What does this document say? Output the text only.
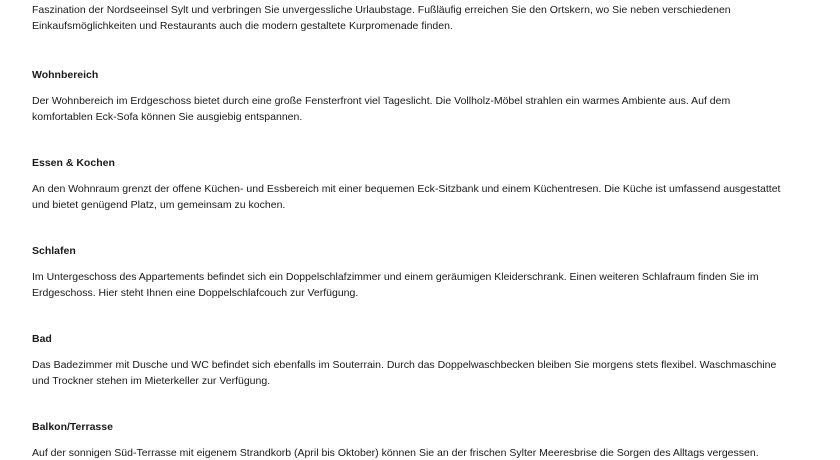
Faszination der Nordseeinsel Sylt und verbringen Sie unvergessliche Urlaubstage. Fußläufig erreichen Sie den Ortskern, wo Sie neben verschiedenen
Einkaufsmöglichkeiten und Restaurants auch die modern gestaltete Kurpromenade finden.

Wohnbereich

Der Wohnbereich im Erdgeschoss bietet durch eine große Fensterfront viel Tageslicht. Die Vollholz-Möbel strahlen ein warmes Ambiente aus. Auf dem
komfortablen Eck-Sofa können Sie ausgiebig entspannen.

Essen & Kochen

An den Wohnraum grenzt der offene Küchen- und Essbereich mit einer bequemen Eck-Sitzbank und einem Küchentresen. Die Küche ist umfassend ausgestattet
und bietet genügend Platz, um gemeinsam zu kochen.

Schlafen

Im Untergeschoss des Appartements befindet sich ein Doppelschlafzimmer und einem geräumigen Kleiderschrank. Einen weiteren Schlafraum finden Sie im
Erdgeschoss. Hier steht Ihnen eine Doppelschlafcouch zur Verfügung.

Bad

Das Badezimmer mit Dusche und WC befindet sich ebenfalls im Souterrain. Durch das Doppelwaschbecken bleiben Sie morgens stets flexibel. Waschmaschine
und Trockner stehen im Mieterkeller zur Verfügung.

Balkon/Terrasse

Auf der sonnigen Süd-Terrasse mit eigenem Strandkorb (April bis Oktober) können Sie an der frischen Sylter Meeresbrise die Sorgen des Alltags vergessen.
